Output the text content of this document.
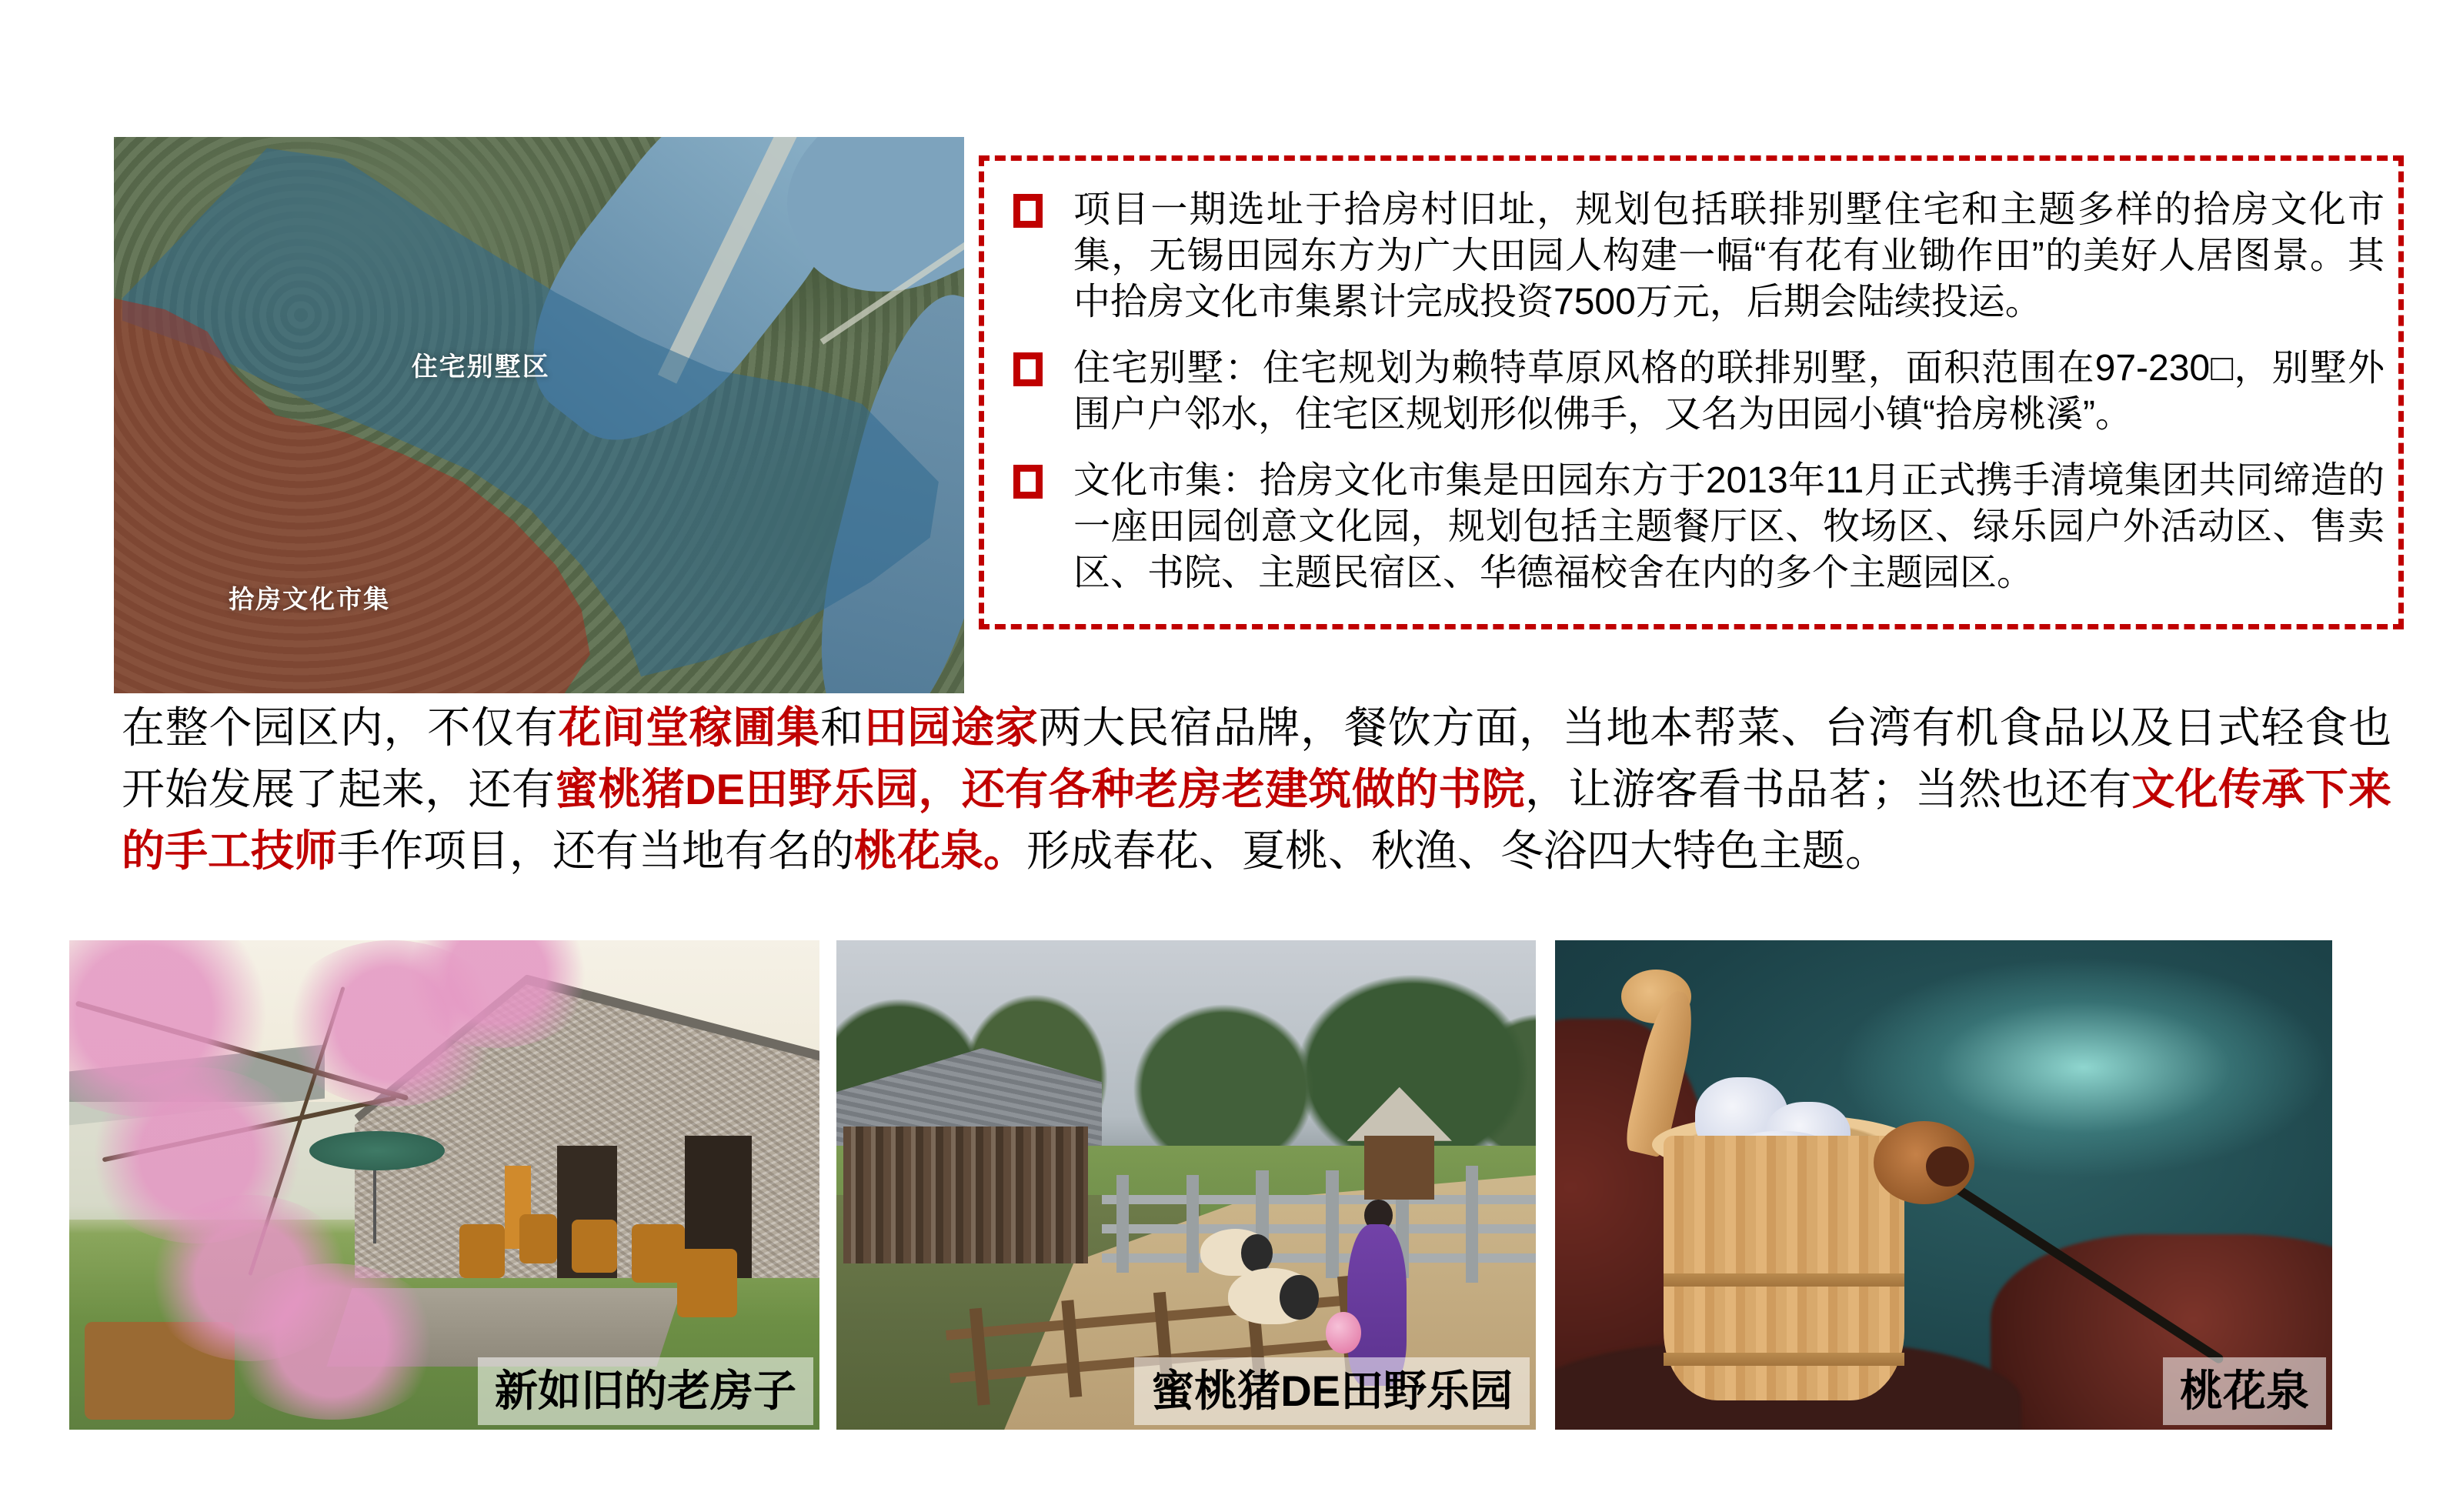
住宅别墅区
拾房文化市集

项目一期选址于拾房村旧址，规划包括联排别墅住宅和主题多样的拾房文化市集，无锡田园东方为广大田园人构建一幅“有花有业锄作田”的美好人居图景。其中拾房文化市集累计完成投资7500万元，后期会陆续投运。

住宅别墅：住宅规划为赖特草原风格的联排别墅，面积范围在97-230□，别墅外围户户邻水，住宅区规划形似佛手，又名为田园小镇“拾房桃溪”。

文化市集：拾房文化市集是田园东方于2013年11月正式携手清境集团共同缔造的一座田园创意文化园，规划包括主题餐厅区、牧场区、绿乐园户外活动区、售卖区、书院、主题民宿区、华德福校舍在内的多个主题园区。

在整个园区内，不仅有花间堂稼圃集和田园途家两大民宿品牌，餐饮方面，当地本帮菜、台湾有机食品以及日式轻食也开始发展了起来，还有蜜桃猪DE田野乐园，还有各种老房老建筑做的书院，让游客看书品茗；当然也还有文化传承下来的手工技师手作项目，还有当地有名的桃花泉。形成春花、夏桃、秋渔、冬浴四大特色主题。
新如旧的老房子	蜜桃猪DE田野乐园	桃花泉
